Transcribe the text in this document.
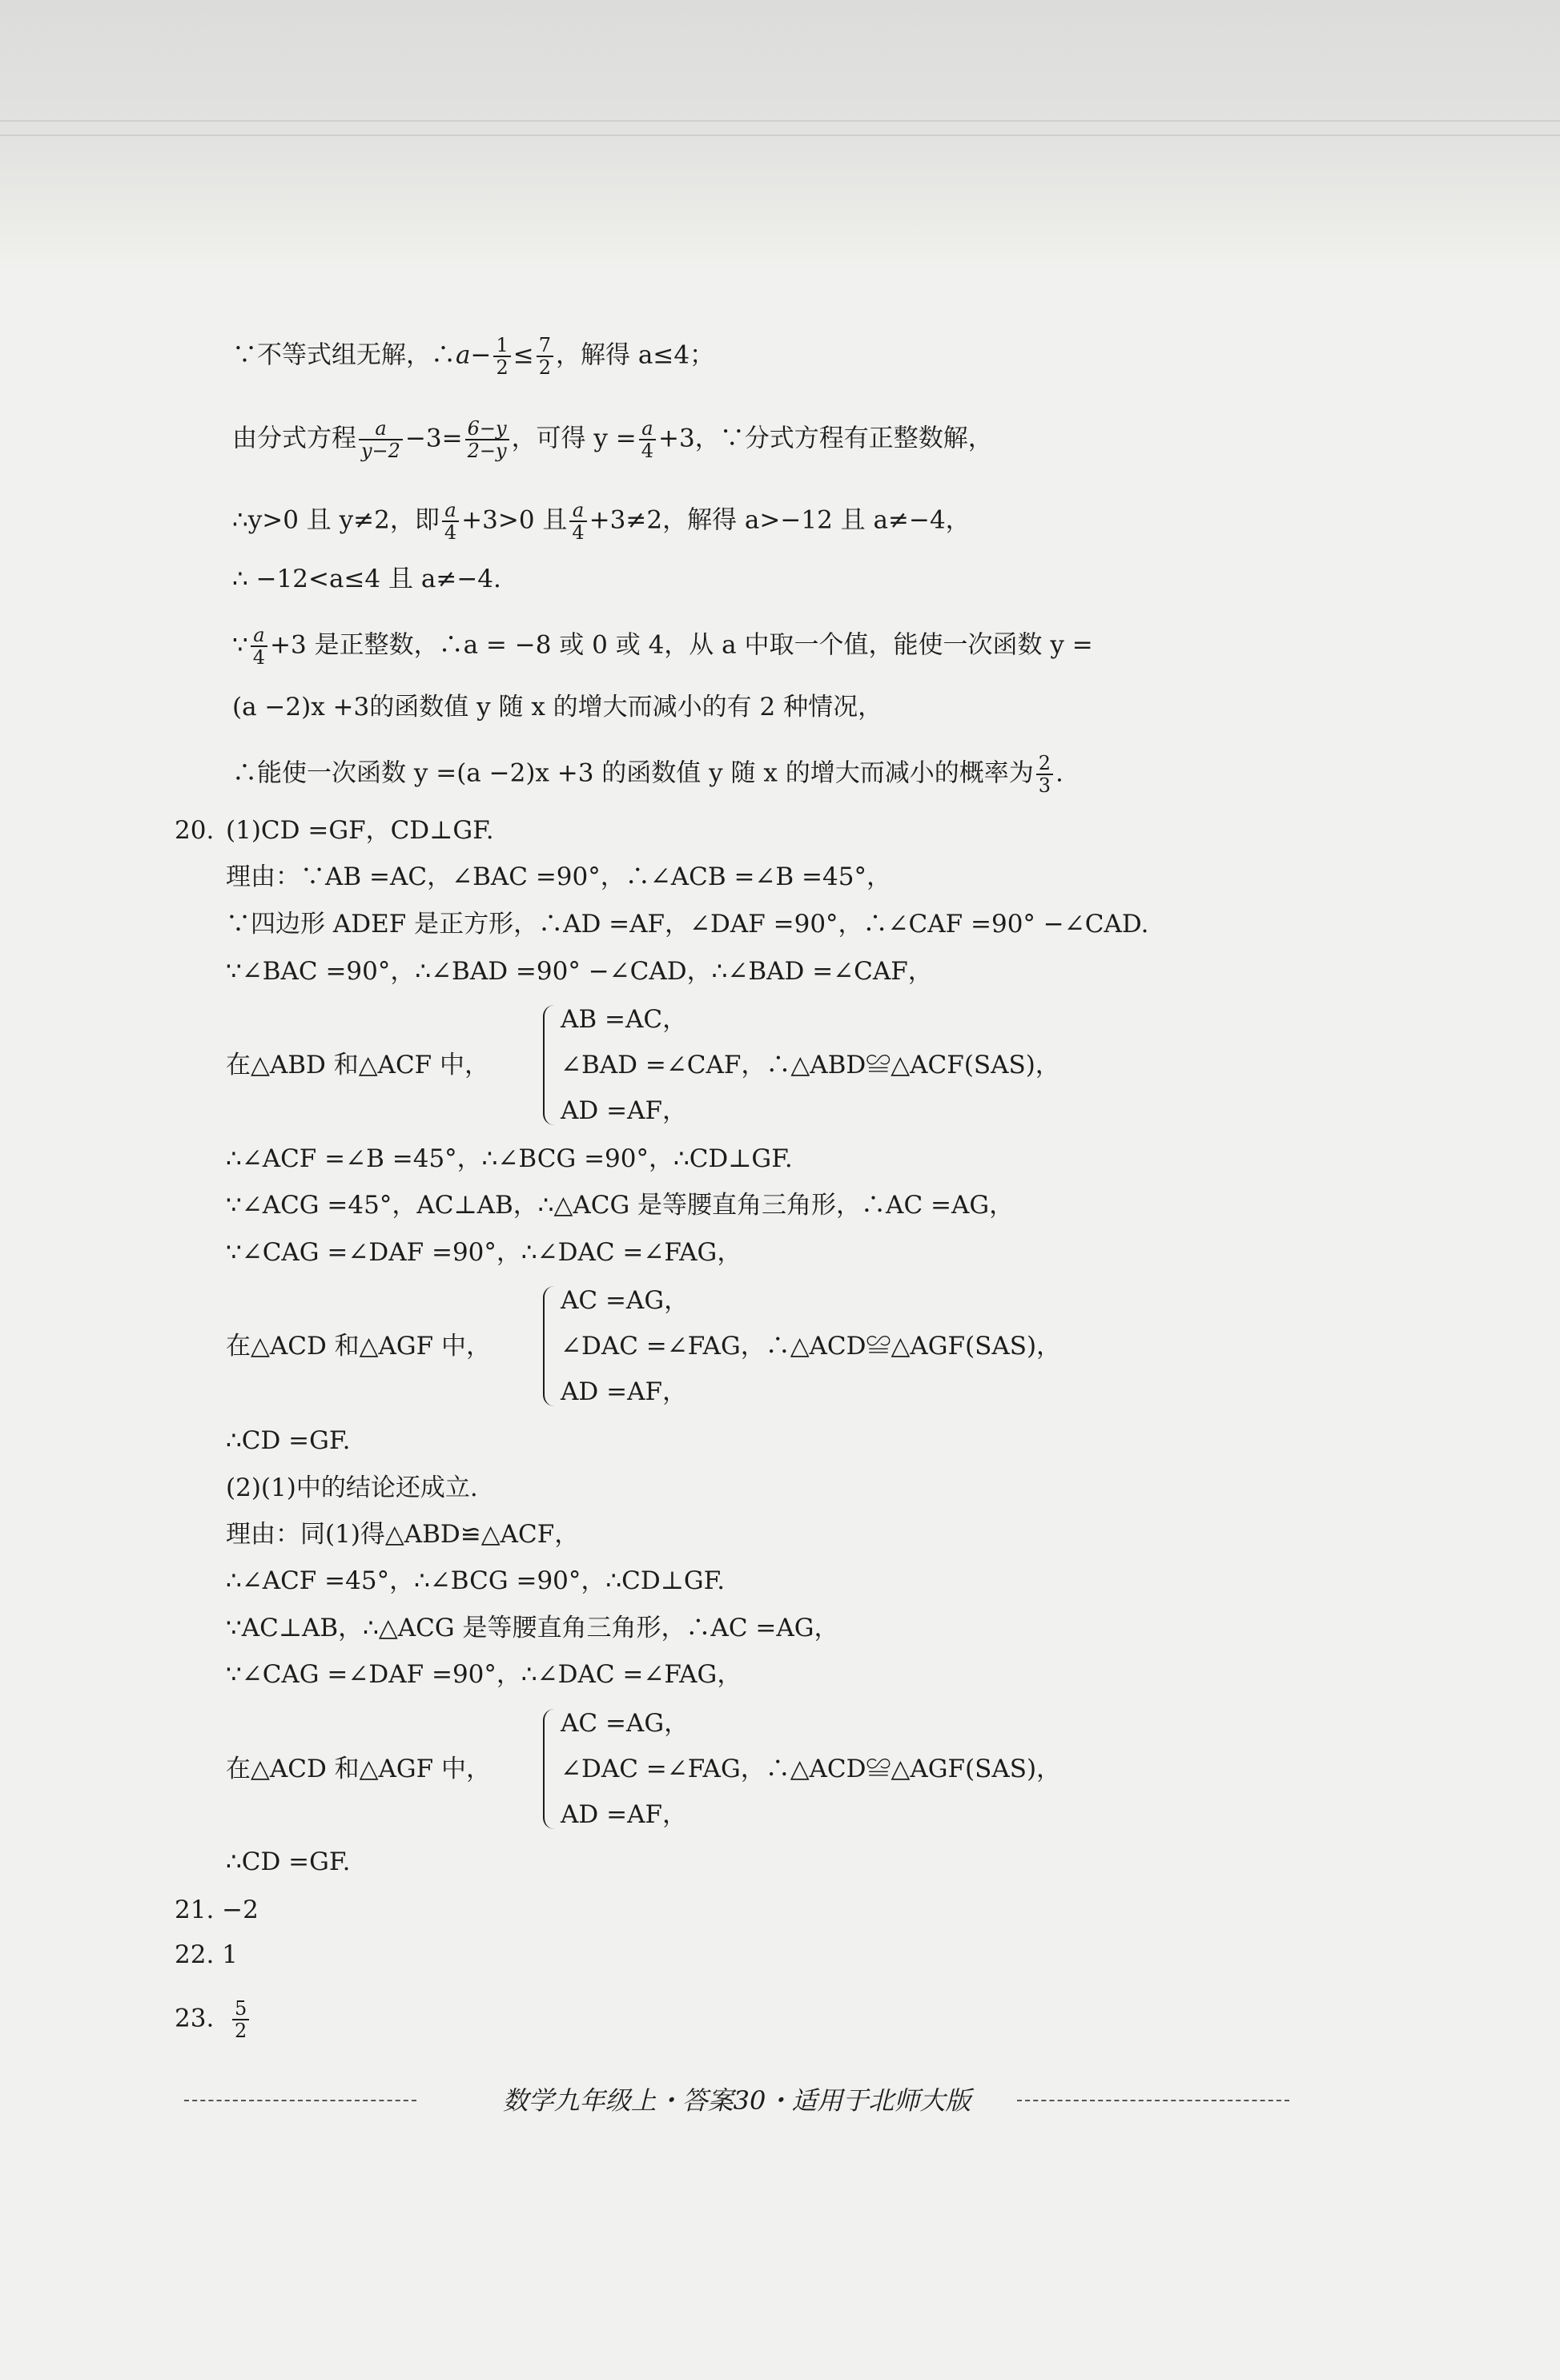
∵不等式组无解，∴a− $\frac{1}{2} \le \frac{7}{2}$ ，解得 a≤4；
由分式方程 $\frac{a}{y-2} -3= \frac{6-y}{2-y}$ ，可得 $y = \frac{a}{4} +3$，∵分式方程有正整数解，
∴y>0 且 y≠2，即 $\frac{a}{4} +3>0$ 且 $\frac{a}{4} +3\ne 2$，解得 a>−12 且 a≠−4，
∴ −12<a≤4 且 a≠−4.
∵ $\frac{a}{4} +3$ 是正整数，∴a = −8 或 0 或 4，从 a 中取一个值，能使一次函数 y =
(a −2)x +3的函数值 y 随 x 的增大而减小的有 2 种情况，
∴能使一次函数 y =(a −2)x +3 的函数值 y 随 x 的增大而减小的概率为 $\frac{2}{3}$ .
20. (1)CD =GF，CD⊥GF.
理由：∵AB =AC，∠BAC =90°，∴∠ACB =∠B =45°，
∵四边形 ADEF 是正方形，∴AD =AF，∠DAF =90°，∴∠CAF =90° −∠CAD.
∵∠BAC =90°，∴∠BAD =90° −∠CAD，∴∠BAD =∠CAF，
在△ABD 和△ACF 中，
AB =AC，
∠BAD =∠CAF，∴△ABD≌△ACF(SAS)，
AD =AF，
∴∠ACF =∠B =45°，∴∠BCG =90°，∴CD⊥GF.
∵∠ACG =45°，AC⊥AB，∴△ACG 是等腰直角三角形，∴AC =AG，
∵∠CAG =∠DAF =90°，∴∠DAC =∠FAG，
在△ACD 和△AGF 中，
AC =AG，
∠DAC =∠FAG，∴△ACD≌△AGF(SAS)，
AD =AF，
∴CD =GF.
(2)(1)中的结论还成立.
理由：同(1)得△ABD≌△ACF，
∴∠ACF =45°，∴∠BCG =90°，∴CD⊥GF.
∵AC⊥AB，∴△ACG 是等腰直角三角形，∴AC =AG，
∵∠CAG =∠DAF =90°，∴∠DAC =∠FAG，
在△ACD 和△AGF 中，
AC =AG，
∠DAC =∠FAG，∴△ACD≌△AGF(SAS)，
AD =AF，
∴CD =GF.
21. −2
22. 1
23. $\frac{5}{2}$
数学九年级上・答案30・适用于北师大版
